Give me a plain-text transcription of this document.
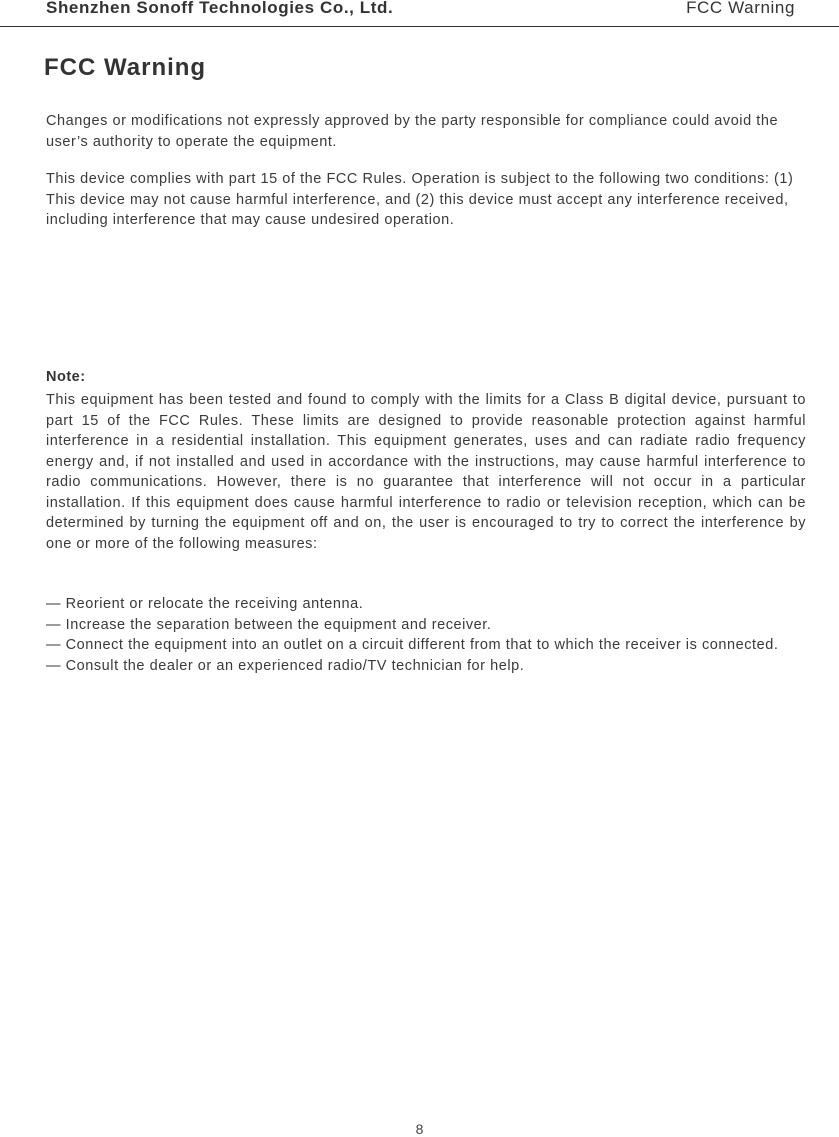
Shenzhen Sonoff Technologies Co., Ltd.	FCC Warning
FCC Warning

Changes or modifications not expressly approved by the party responsible for compliance could avoid the user’s authority to operate the equipment.

This device complies with part 15 of the FCC Rules. Operation is subject to the following two conditions: (1) This device may not cause harmful interference, and (2) this device must accept any interference received, including interference that may cause undesired operation.

Note:

This equipment has been tested and found to comply with the limits for a Class B digital device, pursuant to part 15 of the FCC Rules. These limits are designed to provide reasonable protection against harmful interference in a residential installation. This equipment generates, uses and can radiate radio frequency energy and, if not installed and used in accordance with the instructions, may cause harmful interference to radio communications. However, there is no guarantee that interference will not occur in a particular installation. If this equipment does cause harmful interference to radio or television reception, which can be determined by turning the equipment off and on, the user is encouraged to try to correct the interference by one or more of the following measures:

— Reorient or relocate the receiving antenna.
— Increase the separation between the equipment and receiver.
— Connect the equipment into an outlet on a circuit different from that to which the receiver is connected.
— Consult the dealer or an experienced radio/TV technician for help.
8
